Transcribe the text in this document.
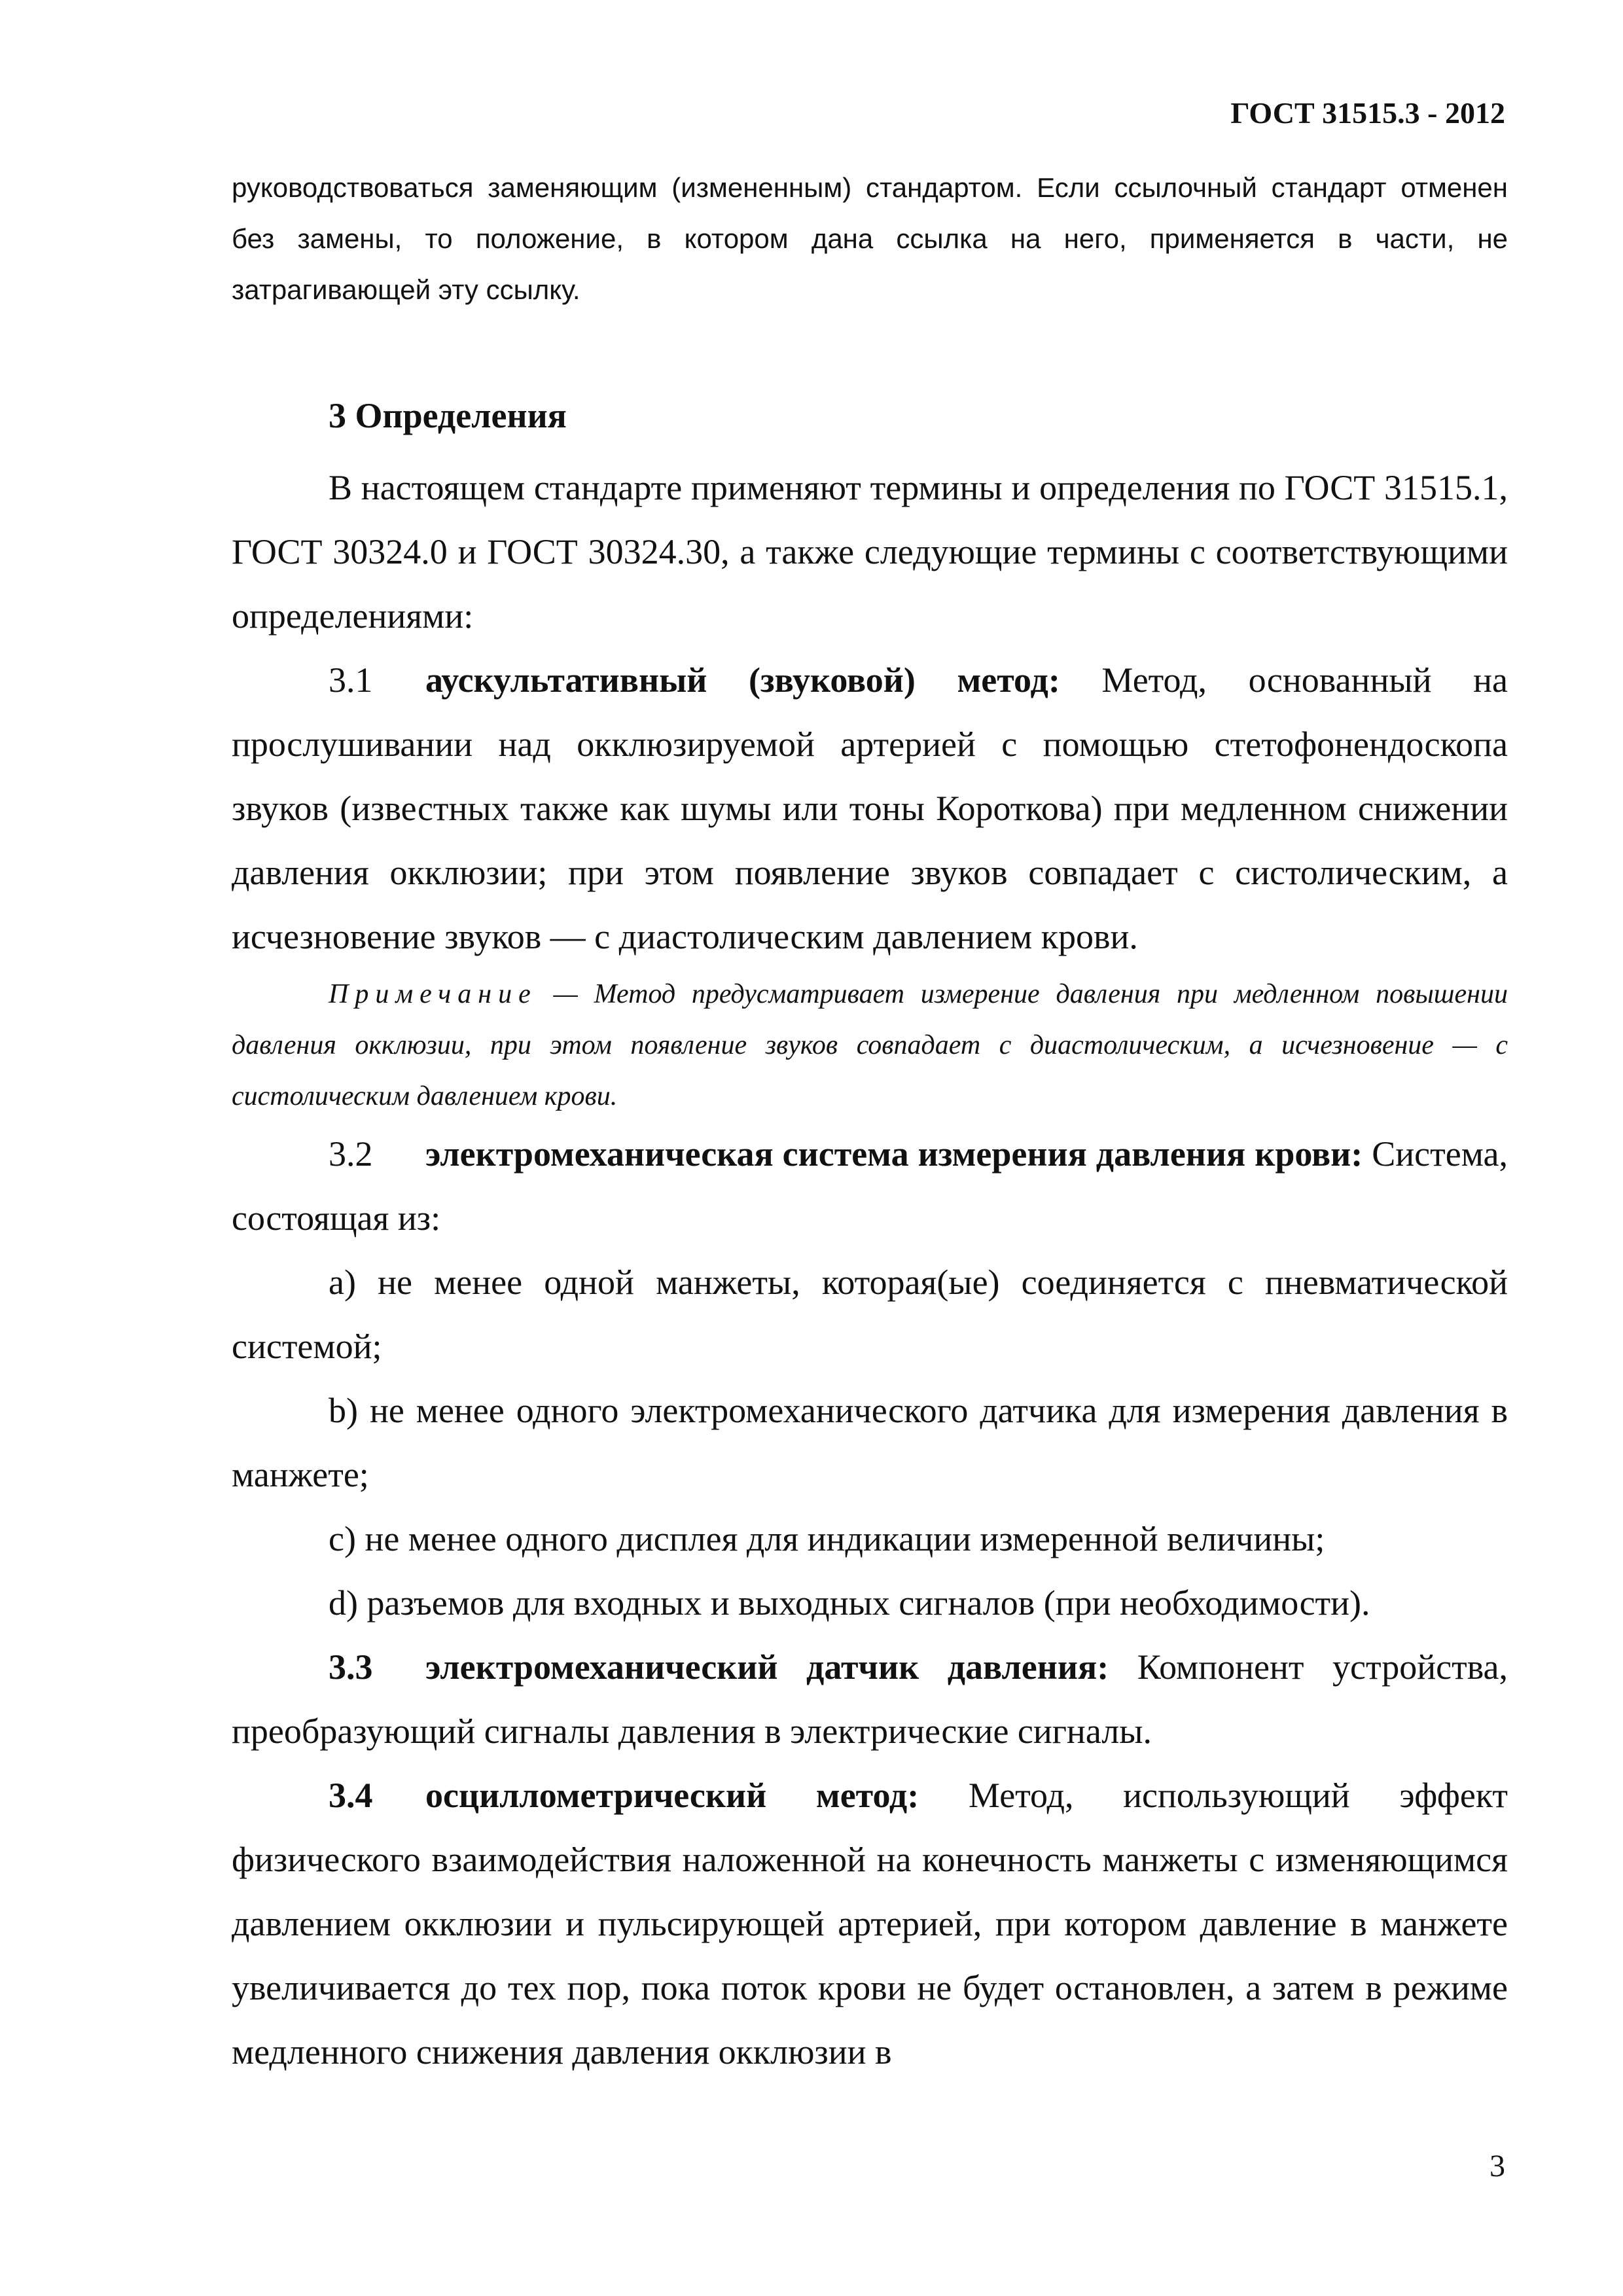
ГОСТ 31515.3 - 2012

руководствоваться заменяющим (измененным) стандартом. Если ссылочный стандарт отменен без замены, то положение, в котором дана ссылка на него, применяется в части, не затрагивающей эту ссылку.

3 Определения

В настоящем стандарте применяют термины и определения по ГОСТ 31515.1, ГОСТ 30324.0 и ГОСТ 30324.30, а также следующие термины с соответствующими определениями:

3.1 аускультативный (звуковой) метод: Метод, основанный на прослушивании над окклюзируемой артерией с помощью стетофонендоскопа звуков (известных также как шумы или тоны Короткова) при медленном снижении давления окклюзии; при этом появление звуков совпадает с систолическим, а исчезновение звуков — с диастолическим давлением крови.

Примечание — Метод предусматривает измерение давления при медленном повышении давления окклюзии, при этом появление звуков совпадает с диастолическим, а исчезновение — с систолическим давлением крови.

3.2 электромеханическая система измерения давления крови: Система, состоящая из:

a) не менее одной манжеты, которая(ые) соединяется с пневматической системой;

b) не менее одного электромеханического датчика для измерения давления в манжете;

c) не менее одного дисплея для индикации измеренной величины;

d) разъемов для входных и выходных сигналов (при необходимости).

3.3 электромеханический датчик давления: Компонент устройства, преобразующий сигналы давления в электрические сигналы.

3.4 осциллометрический метод: Метод, использующий эффект физического взаимодействия наложенной на конечность манжеты с изменяющимся давлением окклюзии и пульсирующей артерией, при котором давление в манжете увеличивается до тех пор, пока поток крови не будет остановлен, а затем в режиме медленного снижения давления окклюзии в

3
